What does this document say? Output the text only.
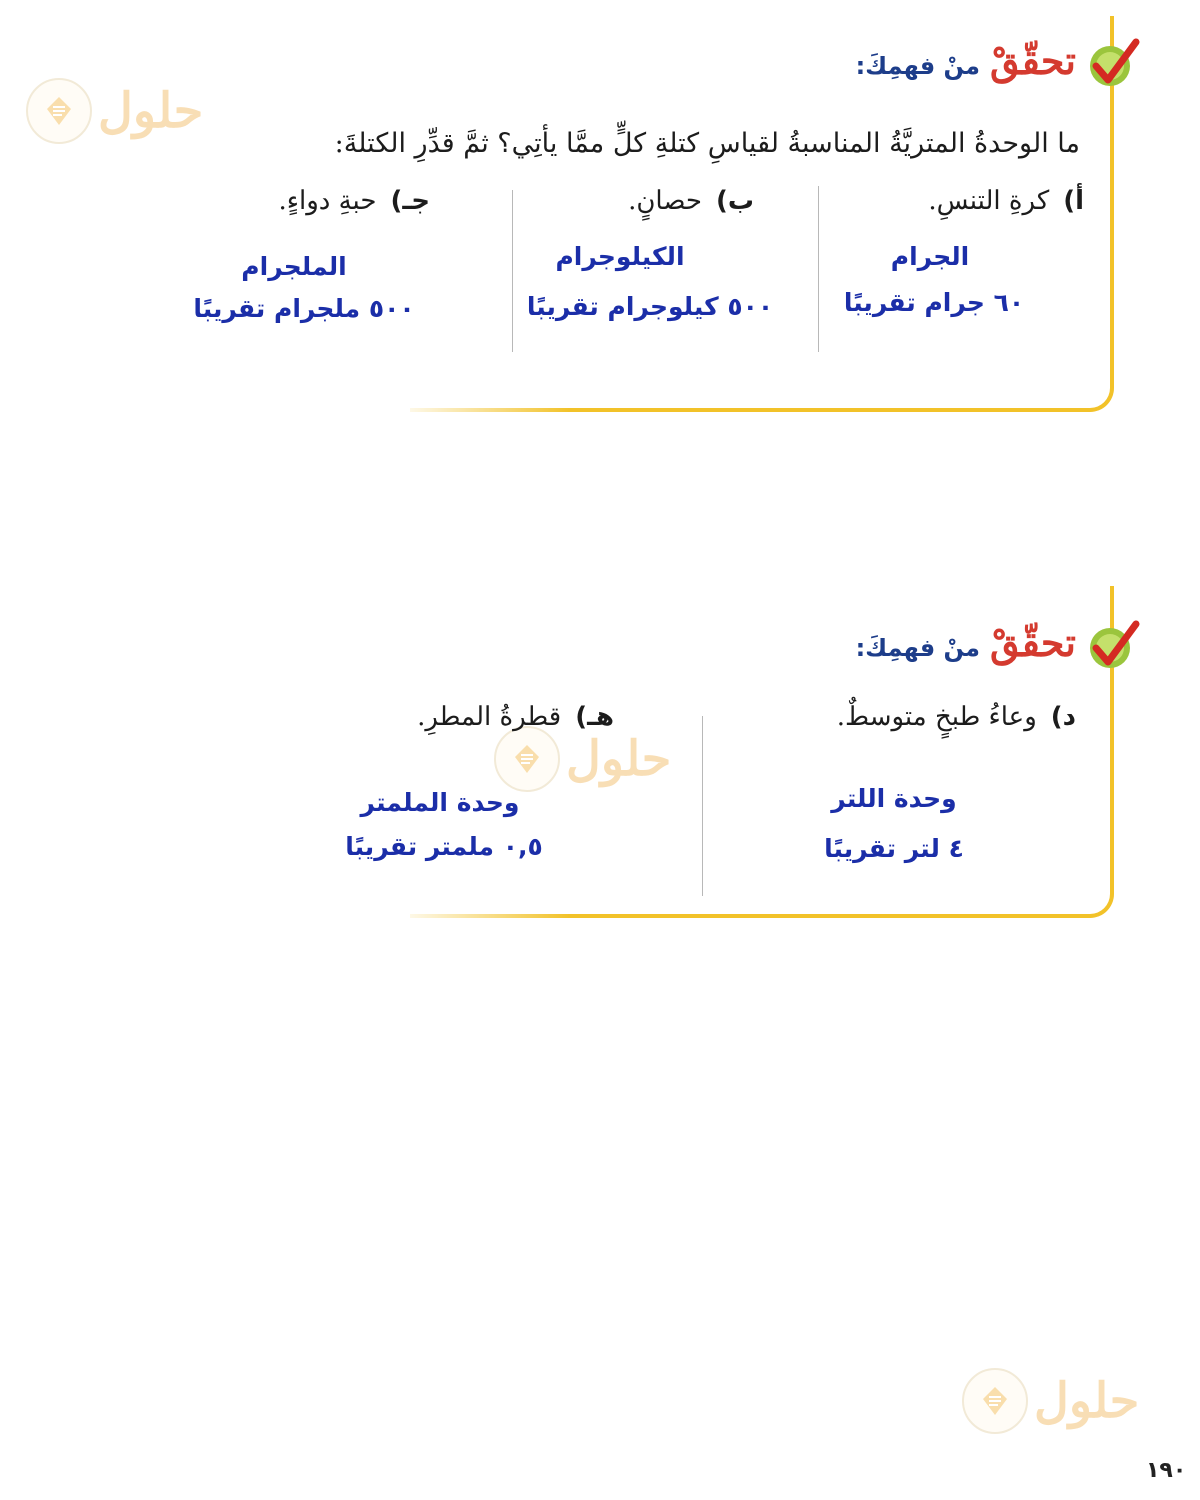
حلول
حلول
حلول
تحقّقْ
منْ فهمِكَ:
ما الوحدةُ المتريَّةُ المناسبةُ لقياسِ كتلةِ كلٍّ ممَّا يأتِي؟ ثمَّ قدِّرِ الكتلةَ:
أ)
كرةِ التنسِ.
ب)
حصانٍ.
جـ)
حبةِ دواءٍ.
الجرام
٦٠ جرام تقريبًا
الكيلوجرام
٥٠٠ كيلوجرام تقريبًا
الملجرام
٥٠٠ ملجرام تقريبًا
تحقّقْ
منْ فهمِكَ:
د)
وعاءُ طبخٍ متوسطٌ.
هـ)
قطرةُ المطرِ.
وحدة اللتر
٤ لتر تقريبًا
وحدة الملمتر
٠,٥ ملمتر تقريبًا
١٩٠
